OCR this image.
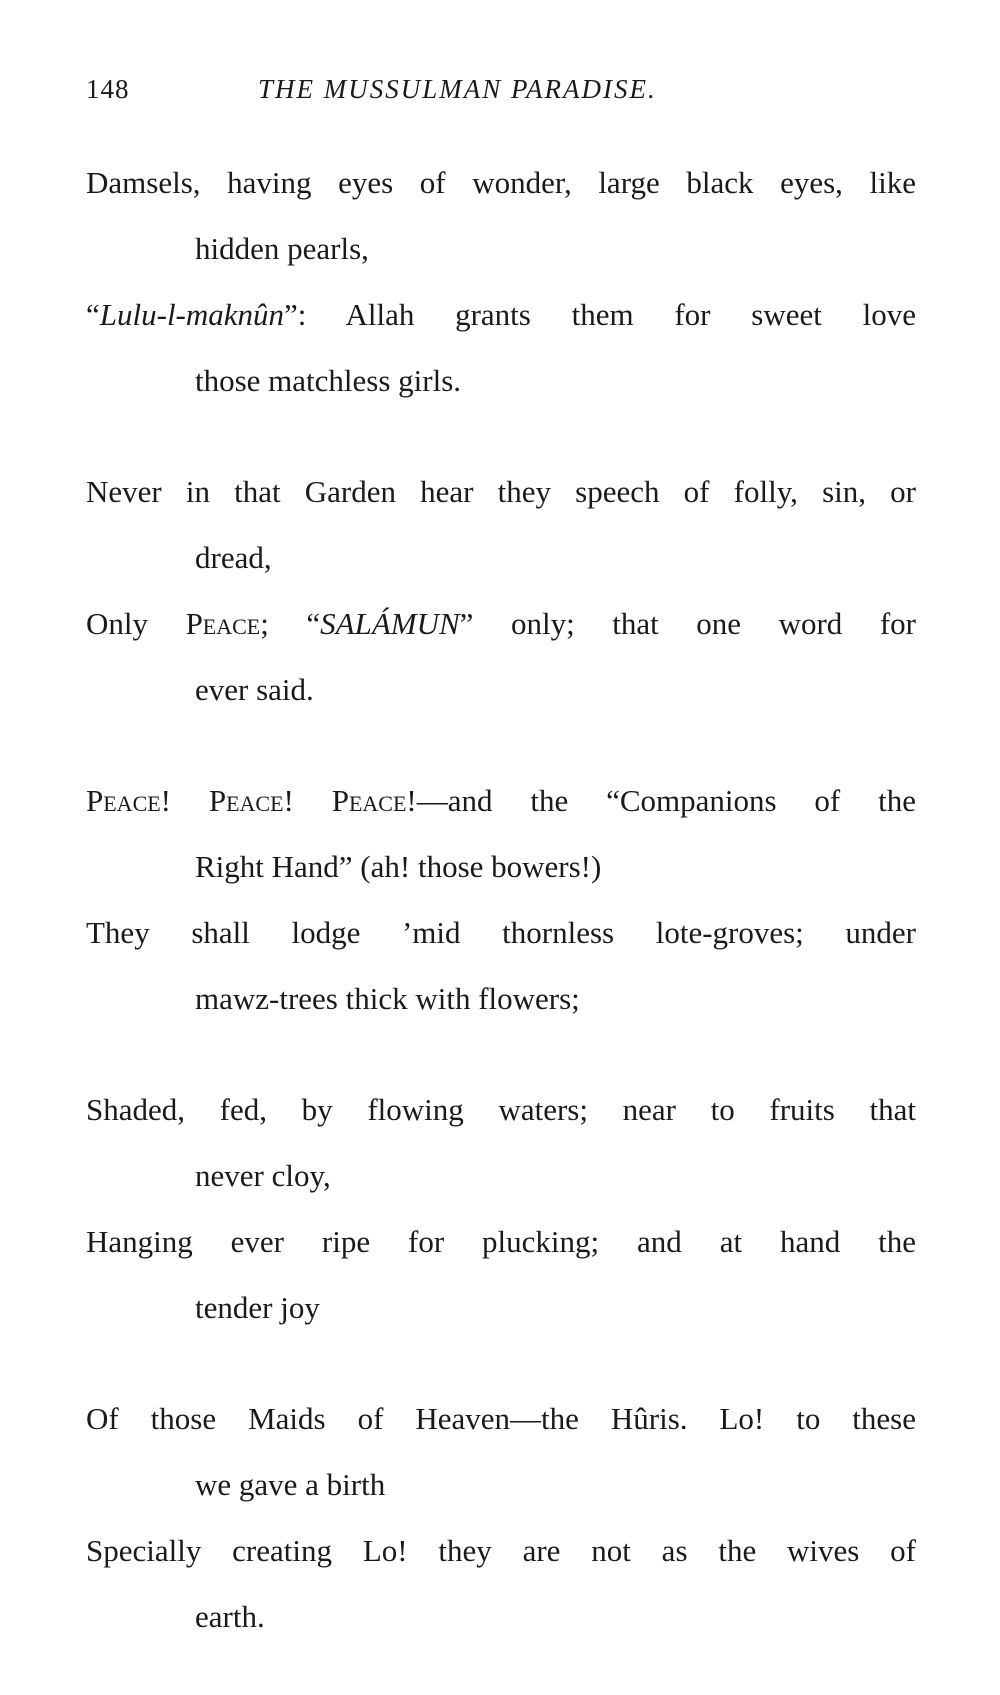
148	THE MUSSULMAN PARADISE.
Damsels, having eyes of wonder, large black eyes, like
hidden pearls,
“Lulu-l-maknûn”: Allah grants them for sweet love
those matchless girls.
Never in that Garden hear they speech of folly, sin, or
dread,
Only Peace; “SALÁMUN” only; that one word for
ever said.
Peace! Peace! Peace!—and the “Companions of the
Right Hand” (ah! those bowers!)
They shall lodge ’mid thornless lote-groves; under
mawz-trees thick with flowers;
Shaded, fed, by flowing waters; near to fruits that
never cloy,
Hanging ever ripe for plucking; and at hand the
tender joy
Of those Maids of Heaven—the Hûris. Lo! to these
we gave a birth
Specially creating Lo! they are not as the wives of
earth.
